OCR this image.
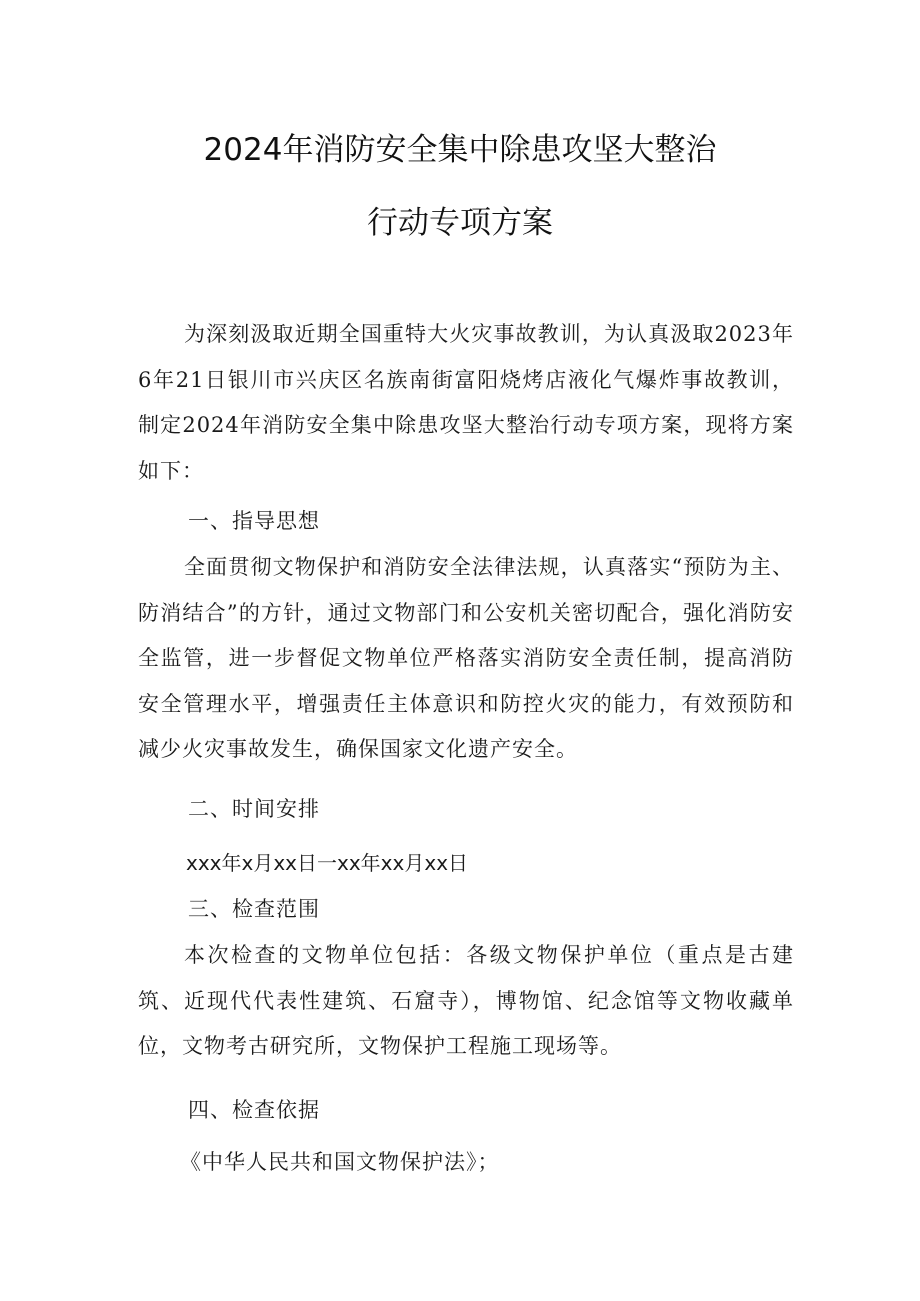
2024年消防安全集中除患攻坚大整治
行动专项方案

为深刻汲取近期全国重特大火灾事故教训，为认真汲取2023年6年21日银川市兴庆区名族南街富阳烧烤店液化气爆炸事故教训，制定2024年消防安全集中除患攻坚大整治行动专项方案，现将方案如下：

一、指导思想

全面贯彻文物保护和消防安全法律法规，认真落实“预防为主、防消结合”的方针，通过文物部门和公安机关密切配合，强化消防安全监管，进一步督促文物单位严格落实消防安全责任制，提高消防安全管理水平，增强责任主体意识和防控火灾的能力，有效预防和减少火灾事故发生，确保国家文化遗产安全。

二、时间安排

xxx年x月xx日一xx年xx月xx日

三、检查范围

本次检查的文物单位包括：各级文物保护单位（重点是古建筑、近现代代表性建筑、石窟寺），博物馆、纪念馆等文物收藏单位，文物考古研究所，文物保护工程施工现场等。

四、检查依据

《中华人民共和国文物保护法》；
